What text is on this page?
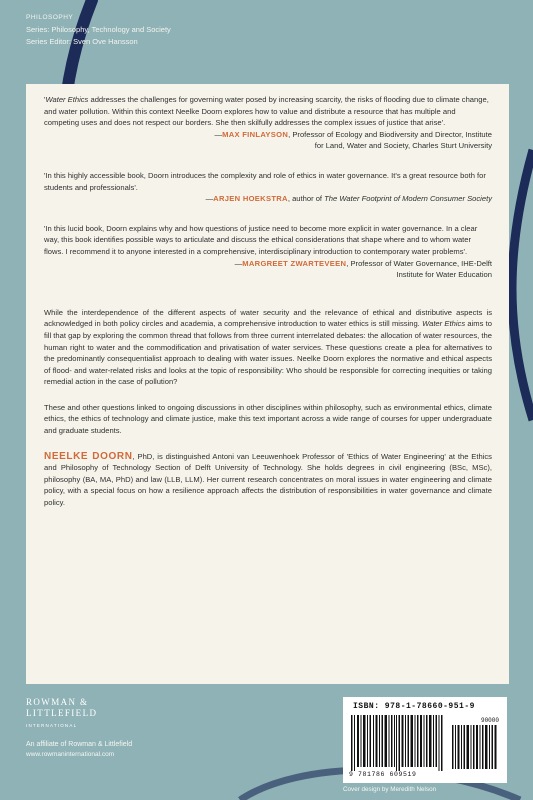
PHILOSOPHY
Series: Philosophy, Technology and Society
Series Editor: Sven Ove Hansson

'Water Ethics addresses the challenges for governing water posed by increasing scarcity, the risks of flooding due to climate change, and water pollution. Within this context Neelke Doorn explores how to value and distribute a resource that has multiple and competing uses and does not respect our borders. She then skilfully addresses the complex issues of justice that arise'.

—MAX FINLAYSON, Professor of Ecology and Biodiversity and Director, Institute

for Land, Water and Society, Charles Sturt University

'In this highly accessible book, Doorn introduces the complexity and role of ethics in water governance. It's a great resource both for students and professionals'.

—ARJEN HOEKSTRA, author of The Water Footprint of Modern Consumer Society

'In this lucid book, Doorn explains why and how questions of justice need to become more explicit in water governance. In a clear way, this book identifies possible ways to articulate and discuss the ethical considerations that shape where and to whom water flows. I recommend it to anyone interested in a comprehensive, interdisciplinary introduction to contemporary water problems'.

—MARGREET ZWARTEVEEN, Professor of Water Governance, IHE-Delft

Institute for Water Education

While the interdependence of the different aspects of water security and the relevance of ethical and distributive aspects is acknowledged in both policy circles and academia, a comprehensive introduction to water ethics is still missing. Water Ethics aims to fill that gap by exploring the common thread that follows from three current interrelated debates: the allocation of water resources, the human right to water and the commodification and privatisation of water services. These questions create a plea for alternatives to the predominantly consequentialist approach to dealing with water issues. Neelke Doorn explores the normative and ethical aspects of flood- and water-related risks and looks at the topic of responsibility: Who should be responsible for correcting inequities or taking remedial action in the case of pollution?

These and other questions linked to ongoing discussions in other disciplines within philosophy, such as environmental ethics, climate ethics, the ethics of technology and climate justice, make this text important across a wide range of courses for upper undergraduate and graduate students.

NEELKE DOORN, PhD, is distinguished Antoni van Leeuwenhoek Professor of 'Ethics of Water Engineering' at the Ethics and Philosophy of Technology Section of Delft University of Technology. She holds degrees in civil engineering (BSc, MSc), philosophy (BA, MA, PhD) and law (LLB, LLM). Her current research concentrates on moral issues in water engineering and climate policy, with a special focus on how a resilience approach affects the distribution of responsibilities in water governance and climate policy.

ROWMAN &
LITTLEFIELD
INTERNATIONAL
An affiliate of Rowman & Littlefield
www.rowmaninternational.com
ISBN: 978-1-78660-951-9
90000
9 781786 609519
Cover design by Meredith Nelson
